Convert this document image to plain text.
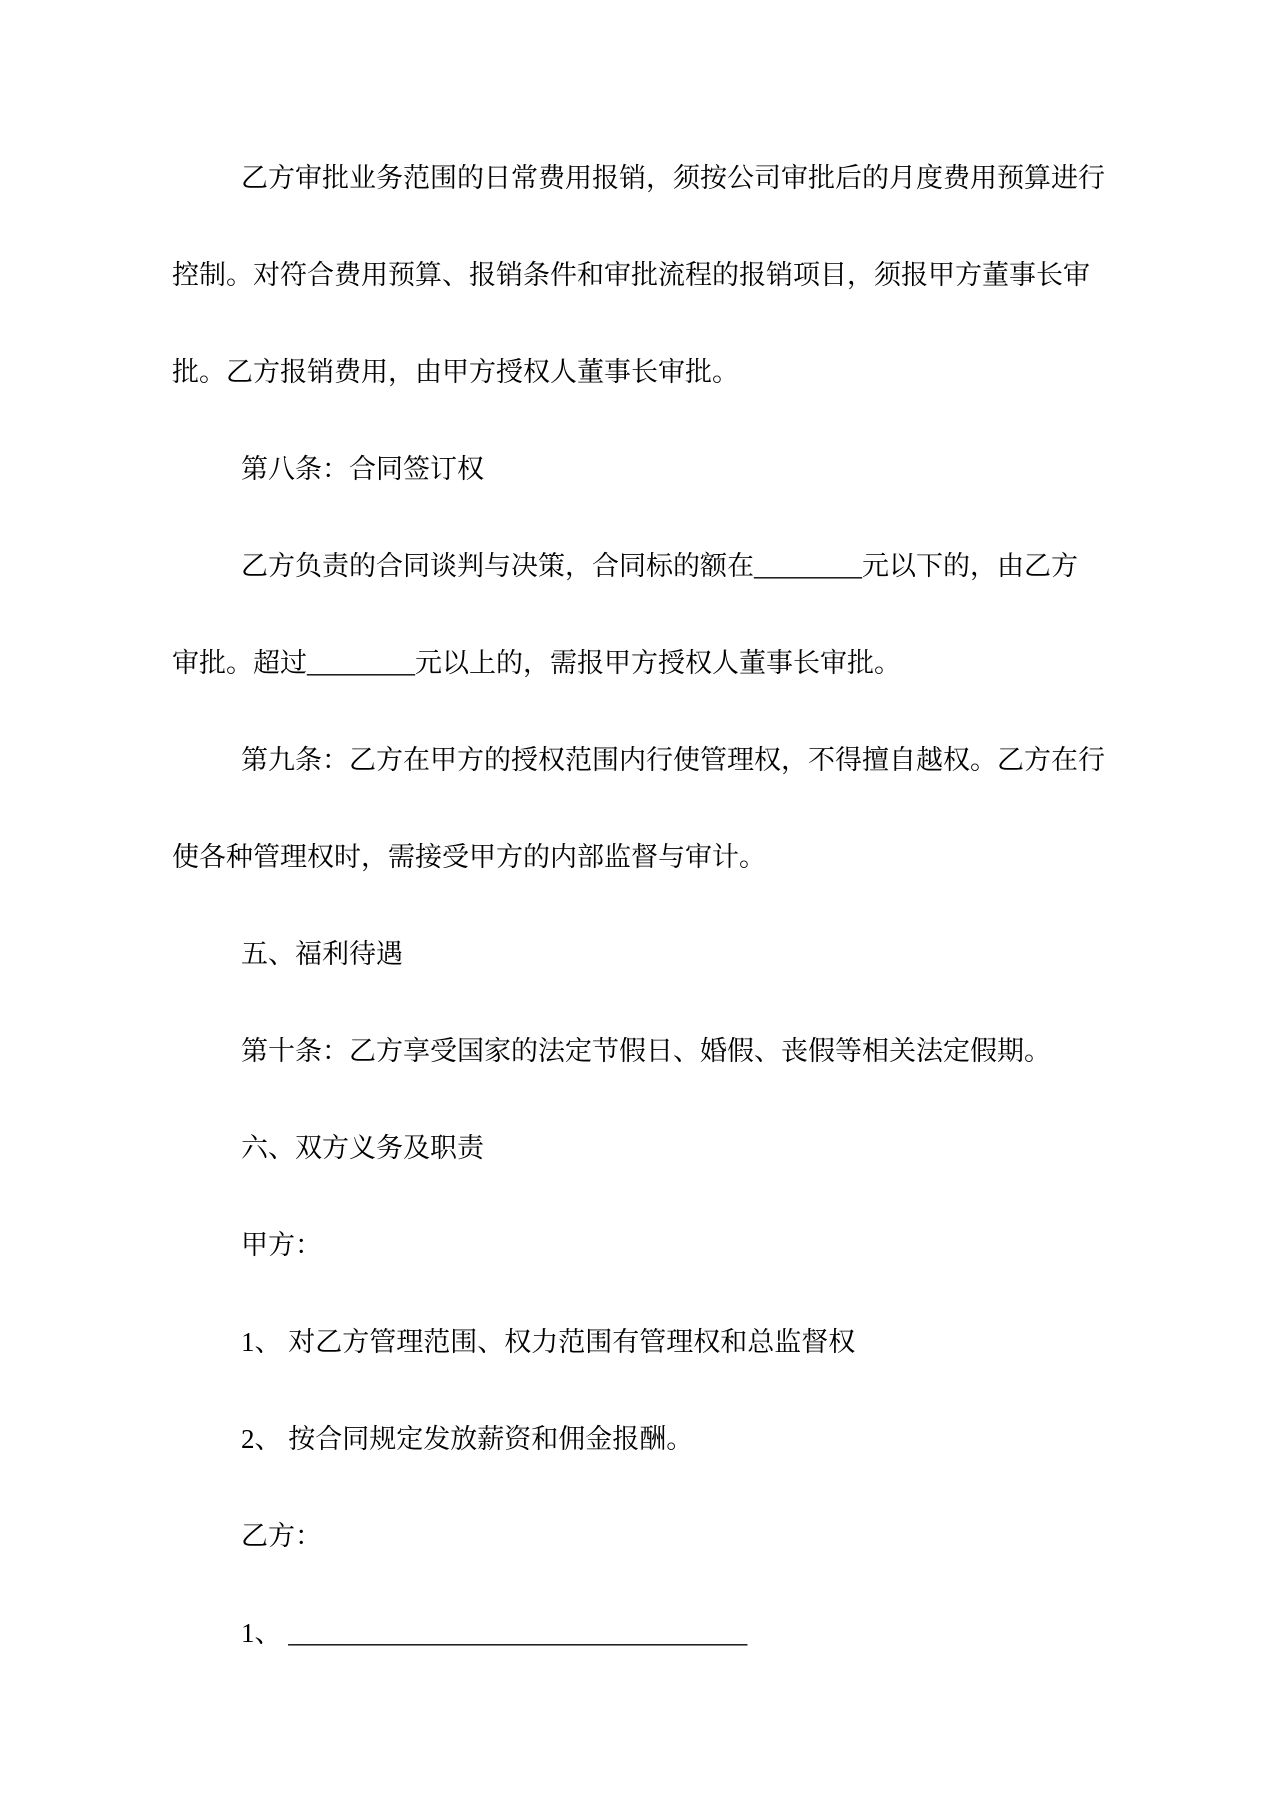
乙方审批业务范围的日常费用报销，须按公司审批后的月度费用预算进行
控制。对符合费用预算、报销条件和审批流程的报销项目，须报甲方董事长审
批。乙方报销费用，由甲方授权人董事长审批。
第八条：合同签订权
乙方负责的合同谈判与决策，合同标的额在________元以下的，由乙方
审批。超过________元以上的，需报甲方授权人董事长审批。
第九条：乙方在甲方的授权范围内行使管理权，不得擅自越权。乙方在行
使各种管理权时，需接受甲方的内部监督与审计。
五、福利待遇
第十条：乙方享受国家的法定节假日、婚假、丧假等相关法定假期。
六、双方义务及职责
甲方：
1、 对乙方管理范围、权力范围有管理权和总监督权
2、 按合同规定发放薪资和佣金报酬。
乙方：
1、 __________________________________
